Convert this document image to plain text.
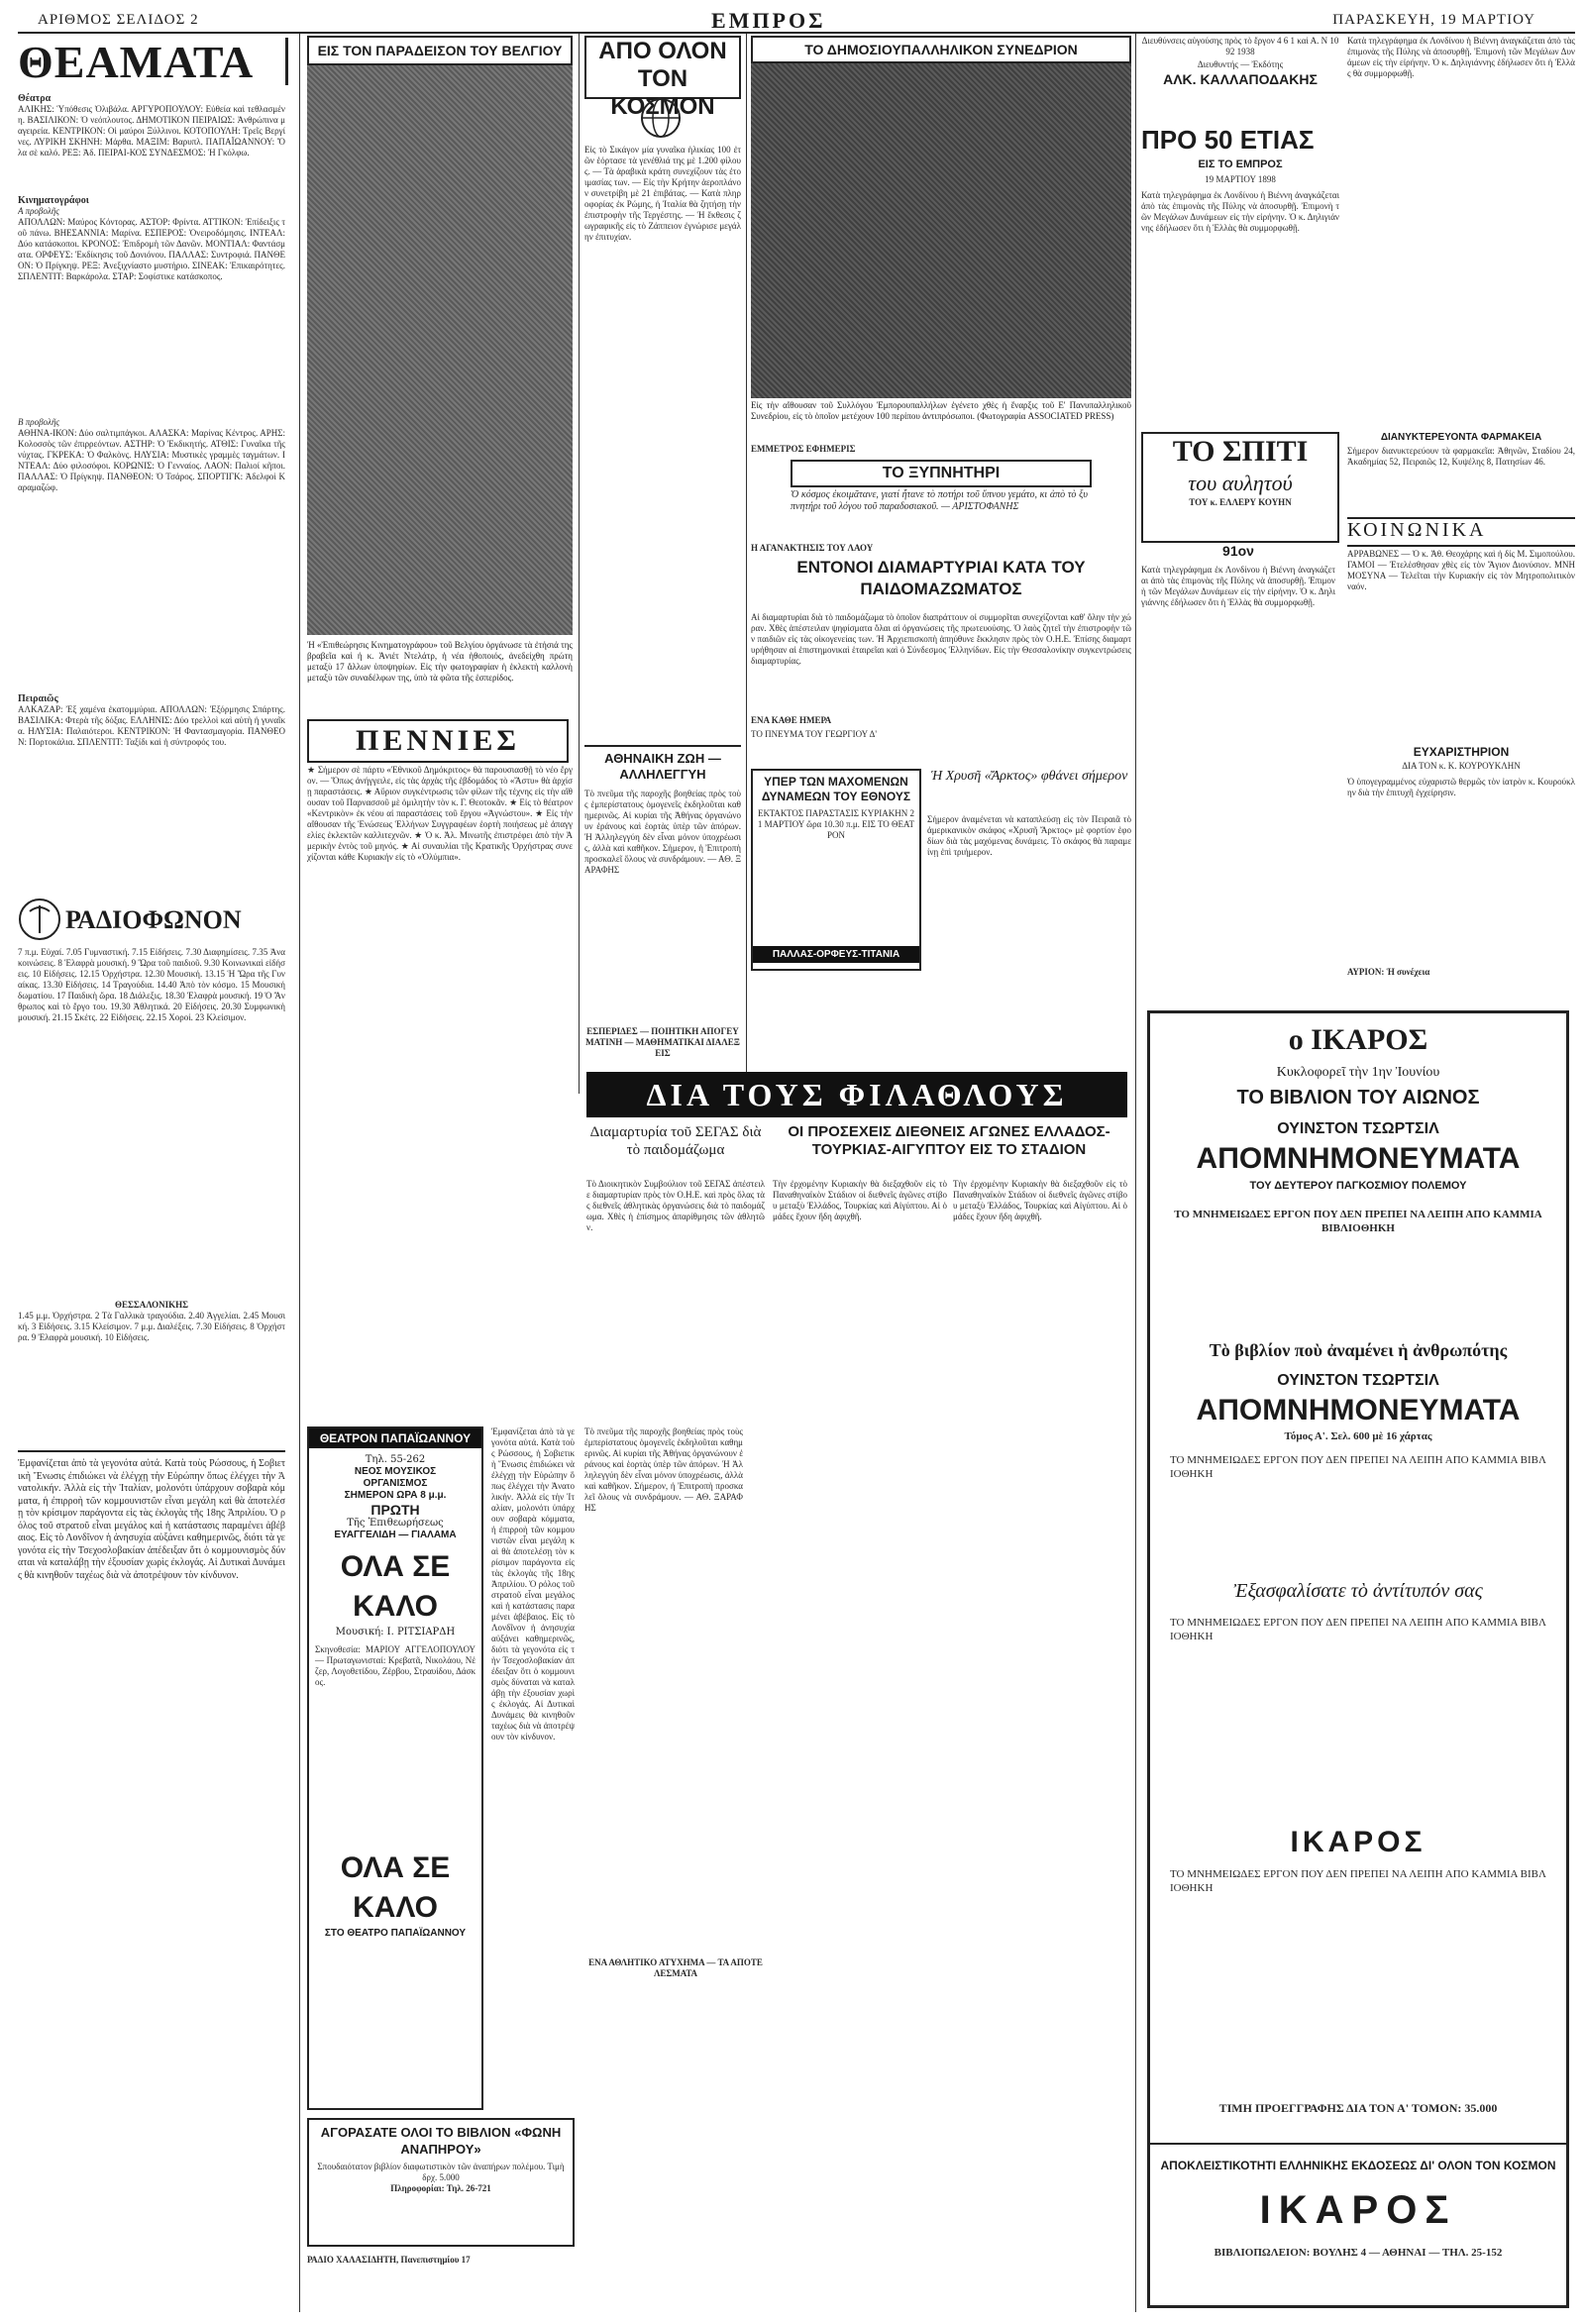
ΑΡΙΘΜΟΣ ΣΕΛΙΔΟΣ 2	ΕΜΠΡΟΣ	ΠΑΡΑΣΚΕΥΗ, 19 ΜΑΡΤΙΟΥ
ΘΕΑΜΑΤΑ
Θέατρα
ΑΛΙΚΗΣ: Ὑπόθεσις Ὀλιβάλα. ΑΡΓΥΡΟΠΟΥΛΟΥ: Εὐθεία καὶ τεθλασμένη. ΒΑΣΙΛΙΚΟΝ: Ὁ νεόπλουτος. ΔΗΜΟΤΙΚΟΝ ΠΕΙΡΑΙΩΣ: Ἀνθρώπινα μαγειρεία. ΚΕΝΤΡΙΚΟΝ: Οἱ μαύροι Ξύλλινοι. ΚΟΤΟΠΟΥΛΗ: Τρεῖς Βεργίνες. ΛΥΡΙΚΗ ΣΚΗΝΗ: Μάρθα. ΜΑΞΙΜ: Βαρυπλ. ΠΑΠΑΪΩΑΝΝΟΥ: Ὅλα σὲ καλό. ΡΕΞ: Ἀδ. ΠΕΙΡΑΙ-ΚΟΣ ΣΥΝΔΕΣΜΟΣ: Ἡ Γκόλφω.
Κινηματογράφοι
Α προβολῆς
ΑΠΟΛΛΩΝ: Μαύρος Κόντορας. ΑΣΤΟΡ: Φρίντα. ΑΤΤΙΚΟΝ: Ἐπίδειξις τοῦ πάνω. ΒΗΕΣΑΝΝΙΑ: Μαρίνα. ΕΣΠΕΡΟΣ: Ὀνειροδόμησις. ΙΝΤΕΑΛ: Δύο κατάσκοποι. ΚΡΟΝΟΣ: Ἐπιδρομὴ τῶν Δανῶν. ΜΟΝΤΙΑΛ: Φαντάσματα. ΟΡΦΕΥΣ: Ἐκδίκησις τοῦ Δονιόνου. ΠΑΛΛΑΣ: Συντροφιά. ΠΑΝΘΕΟΝ: Ὁ Πρίγκηψ. ΡΕΞ: Ἀνεξιχνίαστο μυστήριο. ΣΙΝΕΑΚ: Ἐπικαιρότητες. ΣΠΛΕΝΤΙΤ: Βαρκάρολα. ΣΤΑΡ: Σοφίστικε κατάσκοπος.
Β προβολῆς
ΑΘΗΝΑ-ΙΚΟΝ: Δύο σαλτιμπάγκοι. ΑΛΑΣΚΑ: Μαρίνας Κέντρος. ΑΡΗΣ: Κολοσσὸς τῶν ἐπιρρεόντων. ΑΣΤΗΡ: Ὁ Ἐκδικητής. ΑΤΘΙΣ: Γυναῖκα τῆς νύχτας. ΓΚΡΕΚΑ: Ὁ Φαλκὸνς. ΗΛΥΣΙΑ: Μυστικὲς γραμμὲς ταγμάτων. ΙΝΤΕΑΛ: Δύο φιλοσόφοι. ΚΟΡΩΝΙΣ: Ὁ Γενναίος. ΛΑΟΝ: Παλιοί κῆποι. ΠΑΛΛΑΣ: Ὁ Πρίγκηψ. ΠΑΝΘΕΟΝ: Ὁ Τσάρος. ΣΠΟΡΤΙΓΚ: Ἀδελφοὶ Καραμαζώφ.
Πειραιῶς
ΑΛΚΑΖΑΡ: Ἐξ χαμένα ἐκατομμύρια. ΑΠΟΛΛΩΝ: Ἐξόρμησις Σπάρτης. ΒΑΣΙΛΙΚΑ: Φτερὰ τῆς δόξας. ΕΛΛΗΝΙΣ: Δύο τρελλοὶ καὶ αὐτὴ ἡ γυναῖκα. ΗΛΥΣΙΑ: Παλαιότεροι. ΚΕΝΤΡΙΚΟΝ: Ἡ Φαντασμαγορία. ΠΑΝΘΕΟΝ: Πορτοκάλια. ΣΠΛΕΝΤΙΤ: Ταξίδι καὶ ἡ σύντροφός του.
ΡΑΔΙΟΦΩΝΟΝ
7 π.μ. Εὐχαί. 7.05 Γυμναστική. 7.15 Εἰδήσεις. 7.30 Διαφημίσεις. 7.35 Ἀνακοινώσεις. 8 Ἑλαφρὰ μουσική. 9 Ὥρα τοῦ παιδιοῦ. 9.30 Κοινωνικαὶ εἰδήσεις. 10 Εἰδήσεις. 12.15 Ὁρχήστρα. 12.30 Μουσική. 13.15 Ἡ Ὥρα τῆς Γυναίκας. 13.30 Εἰδήσεις. 14 Τραγούδια. 14.40 Ἀπὸ τὸν κόσμο. 15 Μουσική δωματίου. 17 Παιδικὴ ὥρα. 18 Διάλεξις. 18.30 Ἐλαφρὰ μουσική. 19 Ὁ Ἄνθρωπος καὶ τὸ ἔργο του. 19.30 Ἀθλητικά. 20 Εἰδήσεις. 20.30 Συμφωνικὴ μουσική. 21.15 Σκέτς. 22 Εἰδήσεις. 22.15 Χοροί. 23 Κλείσιμον.
ΘΕΣΣΑΛΟΝΙΚΗΣ
1.45 μ.μ. Ὀρχήστρα. 2 Τὰ Γαλλικὰ τραγούδια. 2.40 Ἀγγελίαι. 2.45 Μουσική. 3 Εἰδήσεις. 3.15 Κλείσιμον. 7 μ.μ. Διαλέξεις. 7.30 Εἰδήσεις. 8 Ὀρχήστρα. 9 Ἐλαφρὰ μουσική. 10 Εἰδήσεις.
Ἐμφανίζεται ἀπὸ τὰ γεγονότα αὐτά. Κατὰ τοὺς Ρώσσους, ἡ Σοβιετικὴ Ἕνωσις ἐπιδιώκει νὰ ἐλέγχῃ τὴν Εὐρώπην ὅπως ἐλέγχει τὴν Ἀνατολικήν. Ἀλλὰ εἰς τὴν Ἰταλίαν, μολονότι ὑπάρχουν σοβαρὰ κόμματα, ἡ ἐπιρροὴ τῶν κομμουνιστῶν εἶναι μεγάλη καὶ θὰ ἀποτελέσῃ τὸν κρίσιμον παράγοντα εἰς τὰς ἐκλογὰς τῆς 18ης Ἀπριλίου. Ὁ ρόλος τοῦ στρατοῦ εἶναι μεγάλος καὶ ἡ κατάστασις παραμένει ἀβέβαιος. Εἰς τὸ Λονδῖνον ἡ ἀνησυχία αὐξάνει καθημερινῶς, διότι τὰ γεγονότα εἰς τὴν Τσεχοσλοβακίαν ἀπέδειξαν ὅτι ὁ κομμουνισμὸς δύναται νὰ καταλάβῃ τὴν ἐξουσίαν χωρὶς ἐκλογάς. Αἱ Δυτικαὶ Δυνάμεις θὰ κινηθοῦν ταχέως διὰ νὰ ἀποτρέψουν τὸν κίνδυνον.
ΕΙΣ ΤΟΝ ΠΑΡΑΔΕΙΣΟΝ ΤΟΥ ΒΕΛΓΙΟΥ
Ἡ «Ἐπιθεώρησις Κινηματογράφου» τοῦ Βελγίου ὀργάνωσε τὰ ἐτήσιά της βραβεῖα καὶ ἡ κ. Ἀνιέτ Ντελάτρ, ἡ νέα ἠθοποιός, ἀνεδείχθη πρώτη μεταξὺ 17 ἄλλων ὑποψηφίων. Εἰς τὴν φωτογραφίαν ἡ ἐκλεκτὴ καλλονὴ μεταξὺ τῶν συναδέλφων της, ὑπὸ τὰ φῶτα τῆς ἑσπερίδος.
ΠΕΝΝΙΕΣ
★ Σήμερον σὲ πάρτυ «Ἐθνικοῦ Δημόκριτος» θὰ παρουσιασθῇ τὸ νέο ἔργον. — Ὅπως ἀνήγγειλε, εἰς τὰς ἀρχὰς τῆς ἑβδομάδος τὸ «Ἄστυ» θὰ ἀρχίσῃ παραστάσεις. ★ Αὔριον συγκέντρωσις τῶν φίλων τῆς τέχνης εἰς τὴν αἴθουσαν τοῦ Παρνασσοῦ μὲ ὁμιλητὴν τὸν κ. Γ. Θεοτοκᾶν. ★ Εἰς τὸ θέατρον «Κεντρικὸν» ἐκ νέου αἱ παραστάσεις τοῦ ἔργου «Ἀγνώστου». ★ Εἰς τὴν αἴθουσαν τῆς Ἑνώσεως Ἑλλήνων Συγγραφέων ἑορτὴ ποιήσεως μὲ ἀπαγγελίες ἐκλεκτῶν καλλιτεχνῶν. ★ Ὁ κ. Ἀλ. Μινωτῆς ἐπιστρέφει ἀπὸ τὴν Ἀμερικὴν ἐντὸς τοῦ μηνός. ★ Αἱ συναυλίαι τῆς Κρατικῆς Ὀρχήστρας συνεχίζονται κάθε Κυριακήν εἰς τὸ «Ὀλύμπια».
ΑΠΟ ΟΛΟΝ ΤΟΝ ΚΟΣΜΟΝ
Εἰς τὸ Σικάγον μία γυναῖκα ἡλικίας 100 ἐτῶν ἑόρτασε τὰ γενέθλιά της μὲ 1.200 φίλους. — Τὰ ἀραβικὰ κράτη συνεχίζουν τὰς ἐτοιμασίας των. — Εἰς τὴν Κρήτην ἀεροπλάνον συνετρίβη μὲ 21 ἐπιβάτας. — Κατὰ πληροφορίας ἐκ Ρώμης, ἡ Ἰταλία θὰ ζητήσῃ τὴν ἐπιστροφὴν τῆς Τεργέστης. — Ἡ ἔκθεσις ζωγραφικῆς εἰς τὸ Ζάππειον ἐγνώρισε μεγάλην ἐπιτυχίαν.
ΑΘΗΝΑΙΚΗ ΖΩΗ — ΑΛΛΗΛΕΓΓΥΗ
Τὸ πνεῦμα τῆς παροχῆς βοηθείας πρὸς τοὺς ἐμπερίστατους ὁμογενεῖς ἐκδηλοῦται καθημερινῶς. Αἱ κυρίαι τῆς Ἀθήνας ὀργανώνουν ἐράνους καὶ ἑορτὰς ὑπὲρ τῶν ἀπόρων. Ἡ Ἀλληλεγγύη δὲν εἶναι μόνον ὑποχρέωσις, ἀλλὰ καὶ καθῆκον. Σήμερον, ἡ Ἐπιτροπὴ προσκαλεῖ ὅλους νὰ συνδράμουν. — ΑΘ. ΞΑΡΑΦΗΣ
ΕΣΠΕΡΙΔΕΣ — ΠΟΙΗΤΙΚΗ ΑΠΟΓΕΥΜΑΤΙΝΗ — ΜΑΘΗΜΑΤΙΚΑΙ ΔΙΑΛΕΞΕΙΣ
ΤΟ ΔΗΜΟΣΙΟΥΠΑΛΛΗΛΙΚΟΝ ΣΥΝΕΔΡΙΟΝ
Εἰς τὴν αἴθουσαν τοῦ Συλλόγου Ἐμπορουπαλλήλων ἐγένετο χθὲς ἡ ἔναρξις τοῦ Ε' Πανυπαλληλικοῦ Συνεδρίου, εἰς τὸ ὁποῖον μετέχουν 100 περίπου ἀντιπρόσωποι. (Φωτογραφία ASSOCIATED PRESS)
ΕΜΜΕΤΡΟΣ ΕΦΗΜΕΡΙΣ
ΤΟ ΞΥΠΝΗΤΗΡΙ
Ὁ κόσμος ἐκοιμᾶτανε, γιατί ἦτανε τὸ ποτήρι τοῦ ὕπνου γεμάτο, κι ἀπὸ τὸ ξυπνητήρι τοῦ λόγου τοῦ παραδοσιακοῦ. — ΑΡΙΣΤΟΦΑΝΗΣ
Η ΑΓΑΝΑΚΤΗΣΙΣ ΤΟΥ ΛΑΟΥ
ΕΝΤΟΝΟΙ ΔΙΑΜΑΡΤΥΡΙΑΙ ΚΑΤΑ ΤΟΥ ΠΑΙΔΟΜΑΖΩΜΑΤΟΣ
Αἱ διαμαρτυρίαι διὰ τὸ παιδομάζωμα τὸ ὁποῖον διαπράττουν οἱ συμμορῖται συνεχίζονται καθ' ὅλην τὴν χώραν. Χθὲς ἀπέστειλαν ψηφίσματα ὅλαι αἱ ὀργανώσεις τῆς πρωτευούσης. Ὁ λαὸς ζητεῖ τὴν ἐπιστροφὴν τῶν παιδιῶν εἰς τὰς οἰκογενείας των. Ἡ Ἀρχιεπισκοπὴ ἀπηύθυνε ἔκκλησιν πρὸς τὸν Ο.Η.Ε. Ἐπίσης διαμαρτυρήθησαν αἱ ἐπιστημονικαὶ ἑταιρεῖαι καὶ ὁ Σύνδεσμος Ἑλληνίδων. Εἰς τὴν Θεσσαλονίκην συγκεντρώσεις διαμαρτυρίας.
ΥΠΕΡ ΤΩΝ ΜΑΧΟΜΕΝΩΝ ΔΥΝΑΜΕΩΝ ΤΟΥ ΕΘΝΟΥΣ
ΕΚΤΑΚΤΟΣ ΠΑΡΑΣΤΑΣΙΣ ΚΥΡΙΑΚΗΝ 21 ΜΑΡΤΙΟΥ ὥρα 10.30 π.μ. ΕΙΣ ΤΟ ΘΕΑΤΡΟΝ
ΠΑΛΛΑΣ-ΟΡΦΕΥΣ-ΤΙΤΑΝΙΑ
ΕΝΑ ΚΑΘΕ ΗΜΕΡΑ
ΤΟ ΠΝΕΥΜΑ ΤΟΥ ΓΕΩΡΓΙΟΥ Δ'
Ἡ Χρυσῆ «Ἄρκτος» φθάνει σήμερον
Σήμερον ἀναμένεται νὰ καταπλεύσῃ εἰς τὸν Πειραιᾶ τὸ ἀμερικανικὸν σκάφος «Χρυσῆ Ἄρκτος» μὲ φορτίον ἐφοδίων διὰ τὰς μαχόμενας δυνάμεις. Τὸ σκάφος θὰ παραμείνῃ ἐπὶ τριήμερον.
Διευθύνσεις αὐγούσης πρὸς τὸ ἔργον 4 6 1 καὶ Α. Ν 1092 1938
Διευθυντής — Ἐκδότης
ΑΛΚ. ΚΑΛΛΑΠΟΔΑΚΗΣ
ΠΡΟ 50 ΕΤΙΑΣ
ΕΙΣ ΤΟ ΕΜΠΡΟΣ
19 ΜΑΡΤΙΟΥ 1898
Κατὰ τηλεγράφημα ἐκ Λονδίνου ἡ Βιέννη ἀναγκάζεται ἀπὸ τὰς ἐπιμονὰς τῆς Πύλης νὰ ἀποσυρθῇ. Ἐπιμονὴ τῶν Μεγάλων Δυνάμεων εἰς τὴν εἰρήνην. Ὁ κ. Δηλιγιάννης ἐδήλωσεν ὅτι ἡ Ἑλλὰς θὰ συμμορφωθῇ.
ΤΟ ΣΠΙΤΙ
του αυλητού
ΤΟΥ κ. ΕΛΛΕΡΥ ΚΟΥΗΝ
91ον
Κατὰ τηλεγράφημα ἐκ Λονδίνου ἡ Βιέννη ἀναγκάζεται ἀπὸ τὰς ἐπιμονὰς τῆς Πύλης νὰ ἀποσυρθῇ. Ἐπιμονὴ τῶν Μεγάλων Δυνάμεων εἰς τὴν εἰρήνην. Ὁ κ. Δηλιγιάννης ἐδήλωσεν ὅτι ἡ Ἑλλὰς θὰ συμμορφωθῇ.
Κατὰ τηλεγράφημα ἐκ Λονδίνου ἡ Βιέννη ἀναγκάζεται ἀπὸ τὰς ἐπιμονὰς τῆς Πύλης νὰ ἀποσυρθῇ. Ἐπιμονὴ τῶν Μεγάλων Δυνάμεων εἰς τὴν εἰρήνην. Ὁ κ. Δηλιγιάννης ἐδήλωσεν ὅτι ἡ Ἑλλὰς θὰ συμμορφωθῇ.
ΔΙΑΝΥΚΤΕΡΕΥΟΝΤΑ ΦΑΡΜΑΚΕΙΑ
Σήμερον διανυκτερεύουν τὰ φαρμακεῖα: Ἀθηνῶν, Σταδίου 24, Ἀκαδημίας 52, Πειραιῶς 12, Κυψέλης 8, Πατησίων 46.
ΚΟΙΝΩΝΙΚΑ
ΑΡΡΑΒΩΝΕΣ — Ὁ κ. Ἀθ. Θεοχάρης καὶ ἡ δίς Μ. Σιμοπούλου. ΓΑΜΟΙ — Ἐτελέσθησαν χθὲς εἰς τὸν Ἅγιον Διονύσιον. ΜΝΗΜΟΣΥΝΑ — Τελεῖται τὴν Κυριακήν εἰς τὸν Μητροπολιτικὸν ναόν.
ΕΥΧΑΡΙΣΤΗΡΙΟΝ
ΔΙΑ ΤΟΝ κ. Κ. ΚΟΥΡΟΥΚΛΗΝ
Ὁ ὑπογεγραμμένος εὐχαριστῶ θερμῶς τὸν ἰατρὸν κ. Κουρούκλην διὰ τὴν ἐπιτυχῆ ἐγχείρησιν.
ΑΥΡΙΟΝ: Ἡ συνέχεια
ο ΙΚΑΡΟΣ
Κυκλοφορεῖ τὴν 1ην Ἰουνίου
ΤΟ ΒΙΒΛΙΟΝ ΤΟΥ ΑΙΩΝΟΣ
ΟΥΙΝΣΤΟΝ ΤΣΩΡΤΣΙΛ
ΑΠΟΜΝΗΜΟΝΕΥΜΑΤΑ
ΤΟΥ ΔΕΥΤΕΡΟΥ ΠΑΓΚΟΣΜΙΟΥ ΠΟΛΕΜΟΥ
ΤΟ ΜΝΗΜΕΙΩΔΕΣ ΕΡΓΟΝ ΠΟΥ ΔΕΝ ΠΡΕΠΕΙ ΝΑ ΛΕΙΠΗ ΑΠΟ ΚΑΜΜΙΑ ΒΙΒΛΙΟΘΗΚΗ
Τὸ βιβλίον ποὺ ἀναμένει ἡ ἀνθρωπότης
ΟΥΙΝΣΤΟΝ ΤΣΩΡΤΣΙΛ
ΑΠΟΜΝΗΜΟΝΕΥΜΑΤΑ
Τόμος Α'. Σελ. 600 μὲ 16 χάρτας
ΤΟ ΜΝΗΜΕΙΩΔΕΣ ΕΡΓΟΝ ΠΟΥ ΔΕΝ ΠΡΕΠΕΙ ΝΑ ΛΕΙΠΗ ΑΠΟ ΚΑΜΜΙΑ ΒΙΒΛΙΟΘΗΚΗ
Ἐξασφαλίσατε τὸ ἀντίτυπόν σας
ΤΟ ΜΝΗΜΕΙΩΔΕΣ ΕΡΓΟΝ ΠΟΥ ΔΕΝ ΠΡΕΠΕΙ ΝΑ ΛΕΙΠΗ ΑΠΟ ΚΑΜΜΙΑ ΒΙΒΛΙΟΘΗΚΗ
ΙΚΑΡΟΣ
ΤΟ ΜΝΗΜΕΙΩΔΕΣ ΕΡΓΟΝ ΠΟΥ ΔΕΝ ΠΡΕΠΕΙ ΝΑ ΛΕΙΠΗ ΑΠΟ ΚΑΜΜΙΑ ΒΙΒΛΙΟΘΗΚΗ
ΤΙΜΗ ΠΡΟΕΓΓΡΑΦΗΣ ΔΙΑ ΤΟΝ Α' ΤΟΜΟΝ: 35.000
ΑΠΟΚΛΕΙΣΤΙΚΟΤΗΤΙ ΕΛΛΗΝΙΚΗΣ ΕΚΔΟΣΕΩΣ ΔΙ' ΟΛΟΝ ΤΟΝ ΚΟΣΜΟΝ
ΙΚΑΡΟΣ
ΒΙΒΛΙΟΠΩΛΕΙΟΝ: ΒΟΥΛΗΣ 4 — ΑΘΗΝΑΙ — ΤΗΛ. 25-152
ΘΕΑΤΡΟΝ ΠΑΠΑΪΩΑΝΝΟΥ
Τηλ. 55-262
ΝΕΟΣ ΜΟΥΣΙΚΟΣ
ΟΡΓΑΝΙΣΜΟΣ
ΣΗΜΕΡΟΝ ΩΡΑ 8 μ.μ.
ΠΡΩΤΗ
Τῆς Ἐπιθεωρήσεως
ΕΥΑΓΓΕΛΙΔΗ — ΓΙΑΛΑΜΑ
ΟΛΑ ΣΕ ΚΑΛΟ
Μουσική: Ι. ΡΙΤΣΙΑΡΔΗ
Σκηνοθεσία: ΜΑΡΙΟΥ ΑΓΓΕΛΟΠΟΥΛΟΥ — Πρωταγωνισταί: Κρεβατᾶ, Νικολάου, Νέζερ, Λογοθετίδου, Ζέρβου, Στραυίδου, Δάσκος.
ΟΛΑ ΣΕ ΚΑΛΟ
ΣΤΟ ΘΕΑΤΡΟ ΠΑΠΑΪΩΑΝΝΟΥ
Ἐμφανίζεται ἀπὸ τὰ γεγονότα αὐτά. Κατὰ τοὺς Ρώσσους, ἡ Σοβιετικὴ Ἕνωσις ἐπιδιώκει νὰ ἐλέγχῃ τὴν Εὐρώπην ὅπως ἐλέγχει τὴν Ἀνατολικήν. Ἀλλὰ εἰς τὴν Ἰταλίαν, μολονότι ὑπάρχουν σοβαρὰ κόμματα, ἡ ἐπιρροὴ τῶν κομμουνιστῶν εἶναι μεγάλη καὶ θὰ ἀποτελέσῃ τὸν κρίσιμον παράγοντα εἰς τὰς ἐκλογὰς τῆς 18ης Ἀπριλίου. Ὁ ρόλος τοῦ στρατοῦ εἶναι μεγάλος καὶ ἡ κατάστασις παραμένει ἀβέβαιος. Εἰς τὸ Λονδῖνον ἡ ἀνησυχία αὐξάνει καθημερινῶς, διότι τὰ γεγονότα εἰς τὴν Τσεχοσλοβακίαν ἀπέδειξαν ὅτι ὁ κομμουνισμὸς δύναται νὰ καταλάβῃ τὴν ἐξουσίαν χωρὶς ἐκλογάς. Αἱ Δυτικαὶ Δυνάμεις θὰ κινηθοῦν ταχέως διὰ νὰ ἀποτρέψουν τὸν κίνδυνον.
ΑΓΟΡΑΣΑΤΕ ΟΛΟΙ ΤΟ ΒΙΒΛΙΟΝ «ΦΩΝΗ ΑΝΑΠΗΡΟΥ»
Σπουδαιότατον βιβλίον διαφωτιστικὸν τῶν ἀναπήρων πολέμου. Τιμὴ δρχ. 5.000
Πληροφορίαι: Τηλ. 26-721
ΡΑΔΙΟ ΧΑΛΑΣΙΔΗΤΗ, Πανεπιστημίου 17
Τὸ πνεῦμα τῆς παροχῆς βοηθείας πρὸς τοὺς ἐμπερίστατους ὁμογενεῖς ἐκδηλοῦται καθημερινῶς. Αἱ κυρίαι τῆς Ἀθήνας ὀργανώνουν ἐράνους καὶ ἑορτὰς ὑπὲρ τῶν ἀπόρων. Ἡ Ἀλληλεγγύη δὲν εἶναι μόνον ὑποχρέωσις, ἀλλὰ καὶ καθῆκον. Σήμερον, ἡ Ἐπιτροπὴ προσκαλεῖ ὅλους νὰ συνδράμουν. — ΑΘ. ΞΑΡΑΦΗΣ
ΔΙΑ ΤΟΥΣ ΦΙΛΑΘΛΟΥΣ
Διαμαρτυρία τοῦ ΣΕΓΑΣ διὰ τὸ παιδομάζωμα
Τὸ Διοικητικὸν Συμβούλιον τοῦ ΣΕΓΑΣ ἀπέστειλε διαμαρτυρίαν πρὸς τὸν Ο.Η.Ε. καὶ πρὸς ὅλας τὰς διεθνεῖς ἀθλητικὰς ὀργανώσεις διὰ τὸ παιδομάζωμα. Χθὲς ἡ ἐπίσημος ἀπαρίθμησις τῶν ἀθλητῶν.
ΟΙ ΠΡΟΣΕΧΕΙΣ ΔΙΕΘΝΕΙΣ ΑΓΩΝΕΣ ΕΛΛΑΔΟΣ-ΤΟΥΡΚΙΑΣ-ΑΙΓΥΠΤΟΥ ΕΙΣ ΤΟ ΣΤΑΔΙΟΝ
Τὴν ἐρχομένην Κυριακὴν θὰ διεξαχθοῦν εἰς τὸ Παναθηναϊκὸν Στάδιον οἱ διεθνεῖς ἀγῶνες στίβου μεταξὺ Ἑλλάδος, Τουρκίας καὶ Αἰγύπτου. Αἱ ὁμάδες ἔχουν ἤδη ἀφιχθῆ.
Τὴν ἐρχομένην Κυριακὴν θὰ διεξαχθοῦν εἰς τὸ Παναθηναϊκὸν Στάδιον οἱ διεθνεῖς ἀγῶνες στίβου μεταξὺ Ἑλλάδος, Τουρκίας καὶ Αἰγύπτου. Αἱ ὁμάδες ἔχουν ἤδη ἀφιχθῆ.
ΕΝΑ ΑΘΛΗΤΙΚΟ ΑΤΥΧΗΜΑ — ΤΑ ΑΠΟΤΕΛΕΣΜΑΤΑ
